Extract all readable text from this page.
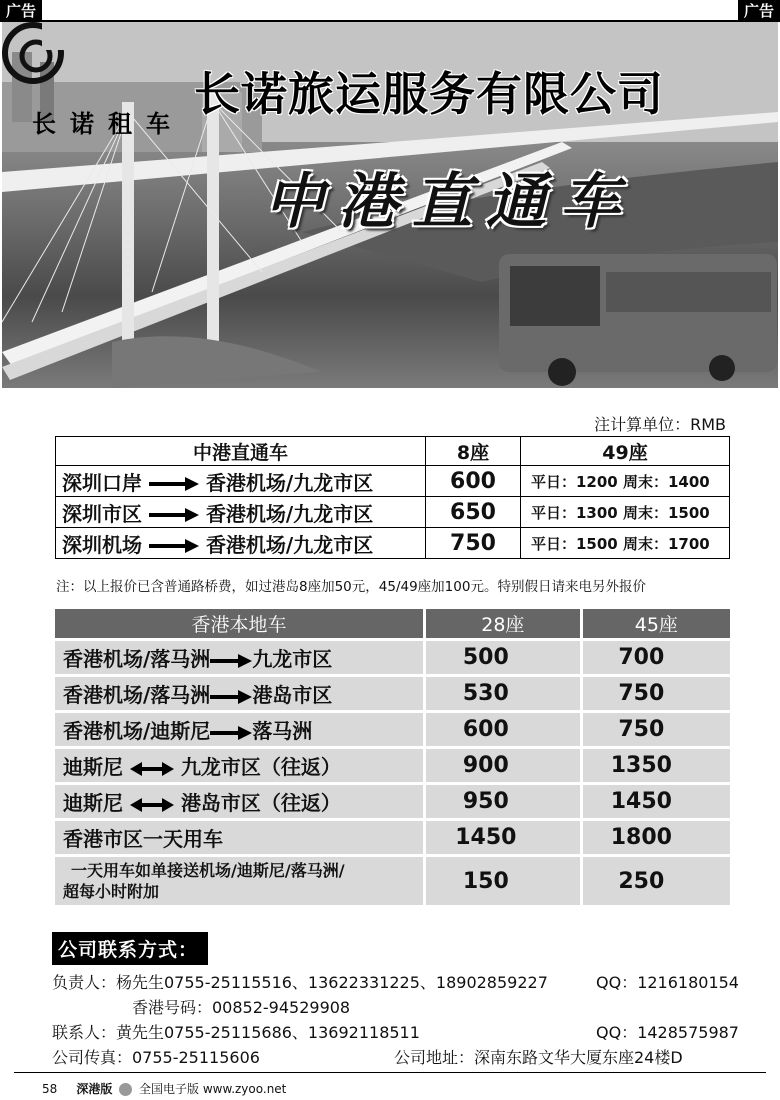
广告	广告
长诺租车
长诺旅运服务有限公司
中港直通车
注计算单位：RMB
中港直通车	8座	49座
深圳口岸 香港机场/九龙市区	600	平日：1200 周末：1400
深圳市区 香港机场/九龙市区	650	平日：1300 周末：1500
深圳机场 香港机场/九龙市区	750	平日：1500 周末：1700
注：以上报价已含普通路桥费，如过港岛8座加50元，45/49座加100元。特别假日请来电另外报价
香港本地车	28座	45座
香港机场/落马洲 九龙市区	500	700
香港机场/落马洲 港岛市区	530	750
香港机场/迪斯尼 落马洲	600	750
迪斯尼 九龙市区（往返）	900	1350
迪斯尼 港岛市区（往返）	950	1450
香港市区一天用车	1450	1800

一天用车如单接送机场/迪斯尼/落马洲/
超每小时附加	150	250
公司联系方式：
负责人：杨先生0755-25115516、13622331225、18902859227	QQ：1216180154
香港号码：00852-94529908
联系人：黄先生0755-25115686、13692118511	QQ：1428575987
公司传真：0755-25115606	公司地址：深南东路文华大厦东座24楼D
58 深港版 全国电子版 www.zyoo.net
